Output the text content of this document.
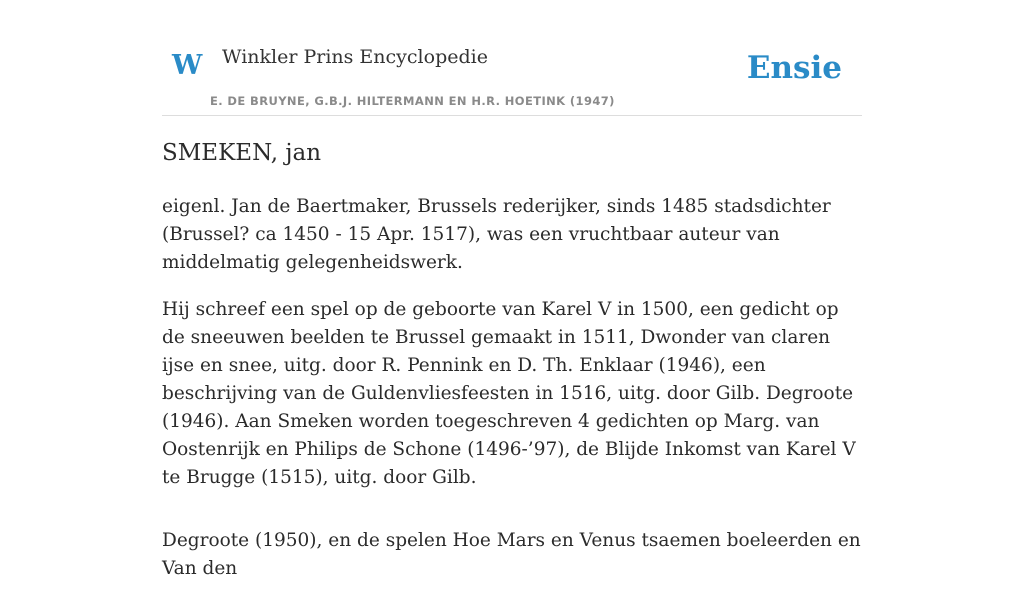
W Winkler Prins Encyclopedie
E. DE BRUYNE, G.B.J. HILTERMANN EN H.R. HOETINK (1947)
Ensie
SMEKEN, jan

eigenl. Jan de Baertmaker, Brussels rederijker, sinds 1485 stadsdichter (Brussel? ca 1450 - 15 Apr. 1517), was een vruchtbaar auteur van middelmatig gelegenheidswerk.

Hij schreef een spel op de geboorte van Karel V in 1500, een gedicht op de sneeuwen beelden te Brussel gemaakt in 1511, Dwonder van claren ijse en snee, uitg. door R. Pennink en D. Th. Enklaar (1946), een beschrijving van de Guldenvliesfeesten in 1516, uitg. door Gilb. Degroote (1946). Aan Smeken worden toegeschreven 4 gedichten op Marg. van Oostenrijk en Philips de Schone (1496-’97), de Blijde Inkomst van Karel V te Brugge (1515), uitg. door Gilb.

Degroote (1950), en de spelen Hoe Mars en Venus tsaemen boeleerden en Van den
